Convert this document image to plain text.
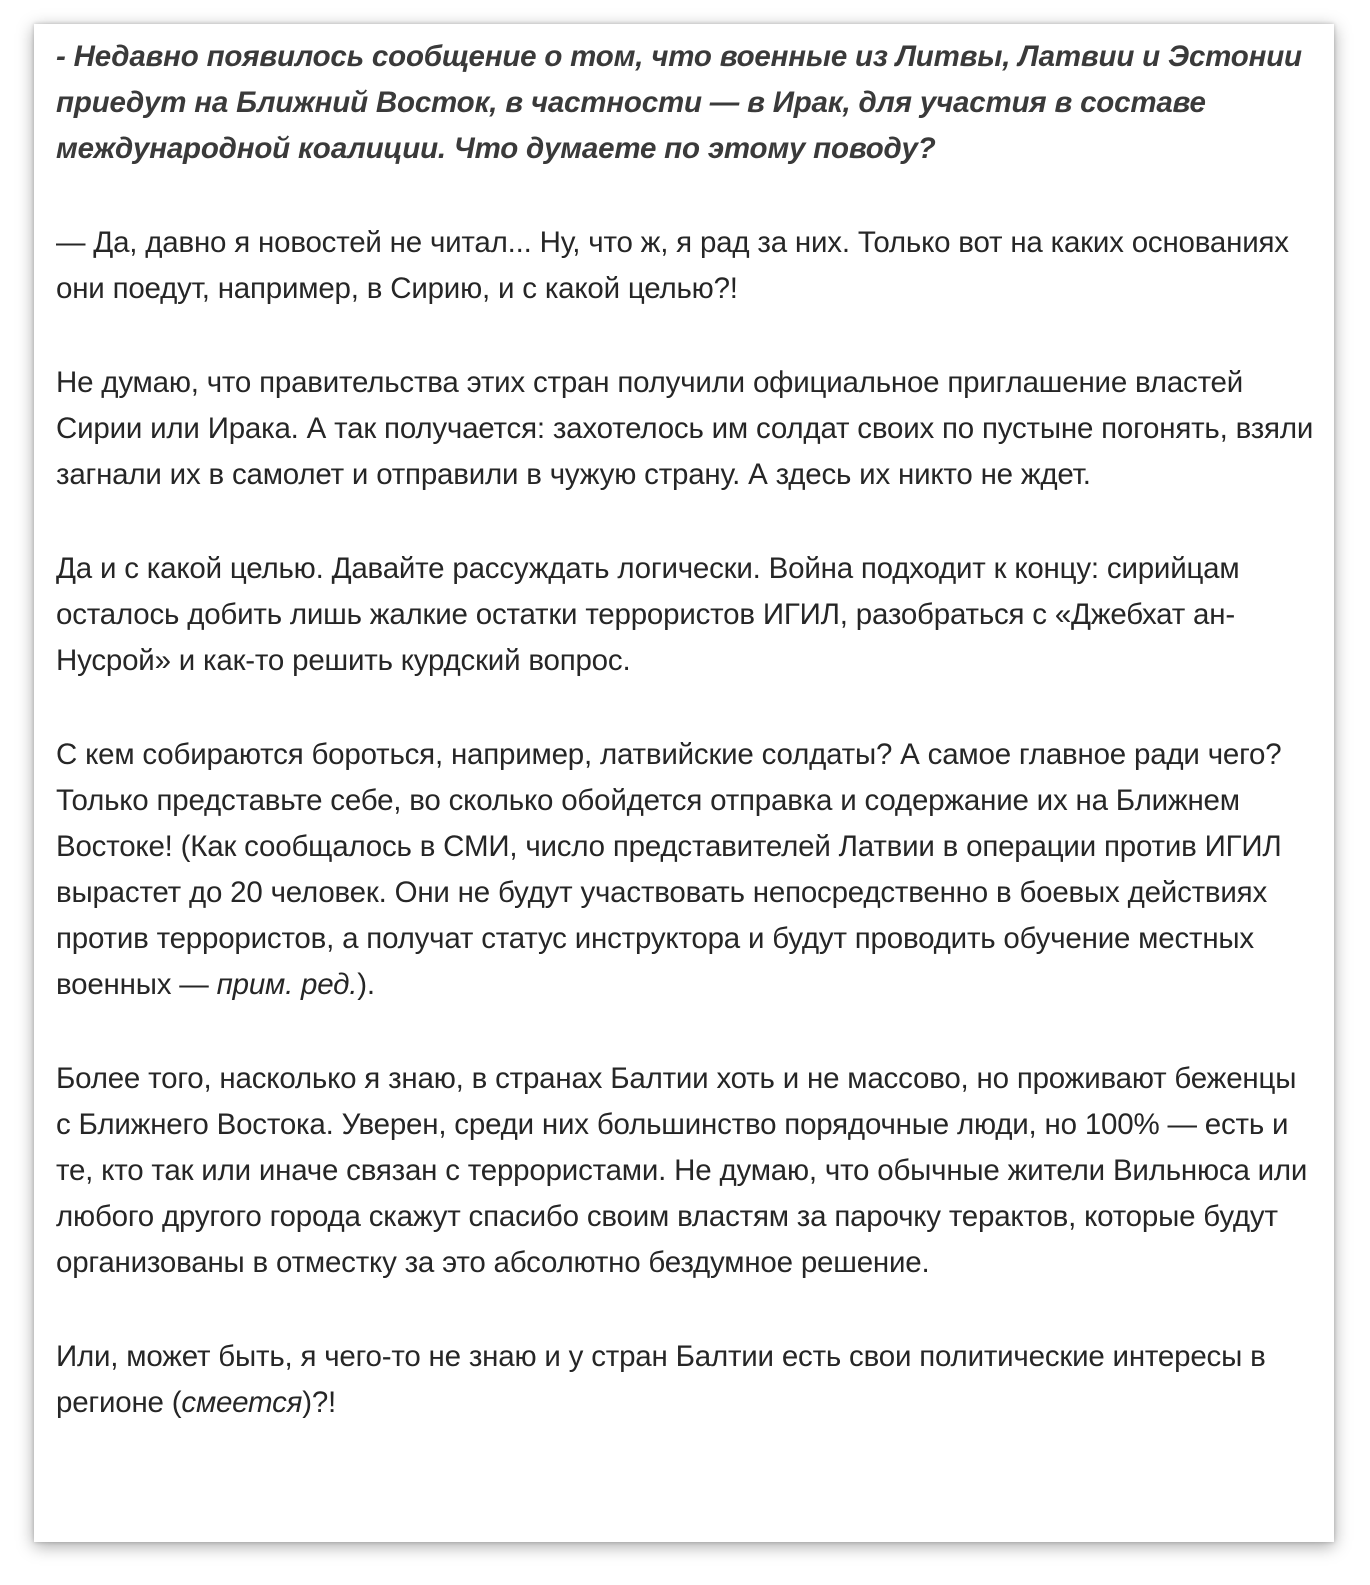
- Недавно появилось сообщение о том, что военные из Литвы, Латвии и Эстонии приедут на Ближний Восток, в частности — в Ирак, для участия в составе международной коалиции. Что думаете по этому поводу?

— Да, давно я новостей не читал... Ну, что ж, я рад за них. Только вот на каких основаниях они поедут, например, в Сирию, и с какой целью?!

Не думаю, что правительства этих стран получили официальное приглашение властей Сирии или Ирака. А так получается: захотелось им солдат своих по пустыне погонять, взяли загнали их в самолет и отправили в чужую страну. А здесь их никто не ждет.

Да и с какой целью. Давайте рассуждать логически. Война подходит к концу: сирийцам осталось добить лишь жалкие остатки террористов ИГИЛ, разобраться с «Джебхат ан-Нусрой» и как-то решить курдский вопрос.

С кем собираются бороться, например, латвийские солдаты? А самое главное ради чего? Только представьте себе, во сколько обойдется отправка и содержание их на Ближнем Востоке! (Как сообщалось в СМИ, число представителей Латвии в операции против ИГИЛ вырастет до 20 человек. Они не будут участвовать непосредственно в боевых действиях против террористов, а получат статус инструктора и будут проводить обучение местных военных — прим. ред.).

Более того, насколько я знаю, в странах Балтии хоть и не массово, но проживают беженцы с Ближнего Востока. Уверен, среди них большинство порядочные люди, но 100% — есть и те, кто так или иначе связан с террористами. Не думаю, что обычные жители Вильнюса или любого другого города скажут спасибо своим властям за парочку терактов, которые будут организованы в отместку за это абсолютно бездумное решение.

Или, может быть, я чего-то не знаю и у стран Балтии есть свои политические интересы в регионе (смеется)?!
